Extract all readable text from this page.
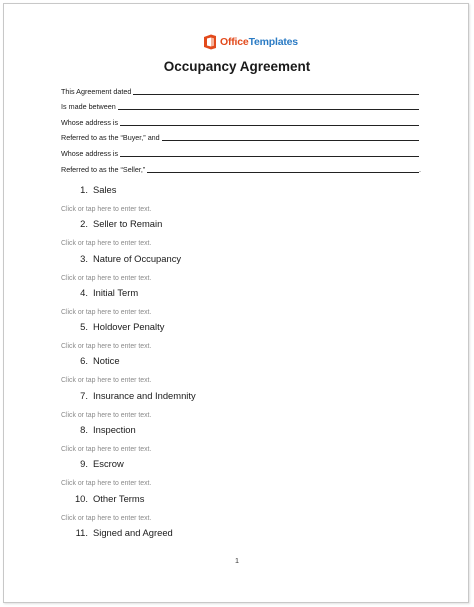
OfficeTemplates
Occupancy Agreement
This Agreement dated
Is made between
Whose address is
Referred to as the “Buyer,” and
Whose address is
Referred to as the “Seller,”	.
1. Sales
Click or tap here to enter text.
2. Seller to Remain
Click or tap here to enter text.
3. Nature of Occupancy
Click or tap here to enter text.
4. Initial Term
Click or tap here to enter text.
5. Holdover Penalty
Click or tap here to enter text.
6. Notice
Click or tap here to enter text.
7. Insurance and Indemnity
Click or tap here to enter text.
8. Inspection
Click or tap here to enter text.
9. Escrow
Click or tap here to enter text.
10. Other Terms
Click or tap here to enter text.
11. Signed and Agreed
1
